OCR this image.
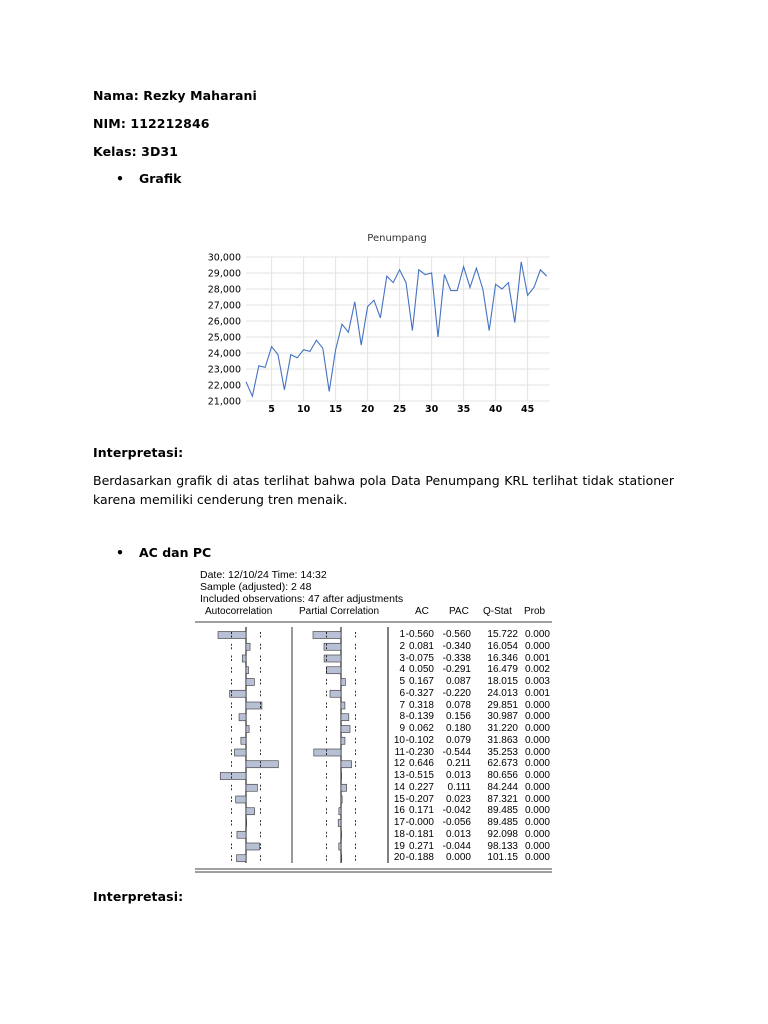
Nama: Rezky Maharani
NIM: 112212846
Kelas: 3D31
• Grafik
Penumpang
21,000
22,000
23,000
24,000
25,000
26,000
27,000
28,000
29,000
30,000
5 10 15 20 25 30 35 40 45
Interpretasi:
Berdasarkan grafik di atas terlihat bahwa pola Data Penumpang KRL terlihat tidak stationer karena memiliki cenderung tren menaik.
• AC dan PC
Date: 12/10/24 Time: 14:32
Sample (adjusted): 2 48
Included observations: 47 after adjustments
Autocorrelation	Partial Correlation	AC PAC Q-Stat Prob
1 -0.560 -0.560	15.722 0.000
2 0.081 -0.340	16.054 0.000
3 -0.075 -0.338	16.346 0.001
4 0.050 -0.291	16.479 0.002
5 0.167	0.087	18.015 0.003
6 -0.327 -0.220	24.013 0.001
7 0.318	0.078	29.851 0.000
8 -0.139	0.156	30.987 0.000
9 0.062	0.180	31.220 0.000
10 -0.102	0.079	31.863 0.000
11 -0.230 -0.544	35.253 0.000
12 0.646	0.211	62.673 0.000
13 -0.515	0.013	80.656 0.000
14 0.227	0.111	84.244 0.000
15 -0.207	0.023	87.321 0.000
16 0.171 -0.042	89.485 0.000
17 -0.000 -0.056	89.485 0.000
18 -0.181	0.013	92.098 0.000
19 0.271 -0.044	98.133 0.000
20 -0.188	0.000	101.15 0.000
Interpretasi:
